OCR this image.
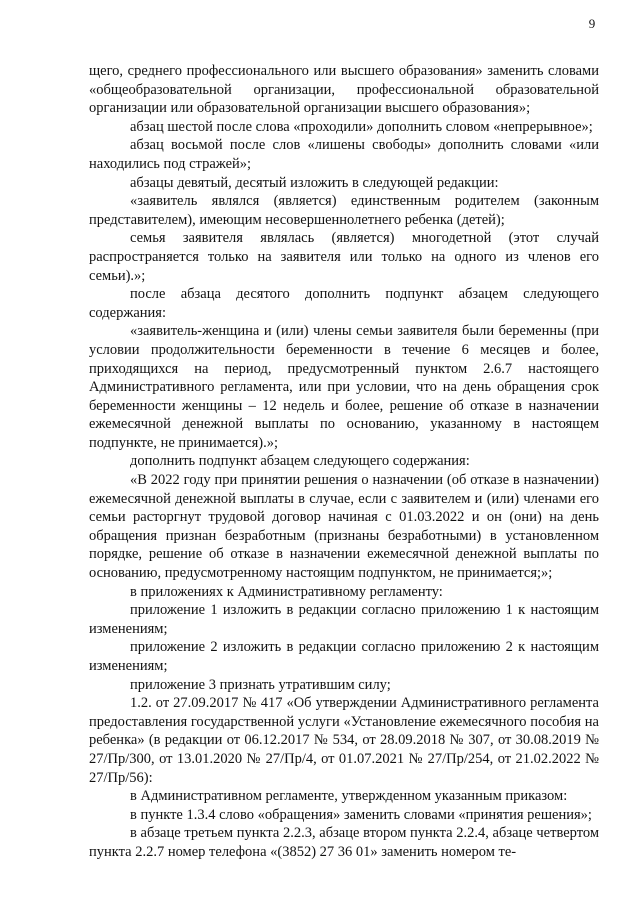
9

щего, среднего профессионального или высшего образования» заменить словами «общеобразовательной организации, профессиональной образовательной организации или образовательной организации высшего образования»;

абзац шестой после слова «проходили» дополнить словом «непрерывное»;

абзац восьмой после слов «лишены свободы» дополнить словами «или находились под стражей»;

абзацы девятый, десятый изложить в следующей редакции:

«заявитель являлся (является) единственным родителем (законным представителем), имеющим несовершеннолетнего ребенка (детей);

семья заявителя являлась (является) многодетной (этот случай распространяется только на заявителя или только на одного из членов его семьи).»;

после абзаца десятого дополнить подпункт абзацем следующего содержания:

«заявитель-женщина и (или) члены семьи заявителя были беременны (при условии продолжительности беременности в течение 6 месяцев и более, приходящихся на период, предусмотренный пунктом 2.6.7 настоящего Административного регламента, или при условии, что на день обращения срок беременности женщины – 12 недель и более, решение об отказе в назначении ежемесячной денежной выплаты по основанию, указанному в настоящем подпункте, не принимается).»;

дополнить подпункт абзацем следующего содержания:

«В 2022 году при принятии решения о назначении (об отказе в назначении) ежемесячной денежной выплаты в случае, если с заявителем и (или) членами его семьи расторгнут трудовой договор начиная с 01.03.2022 и он (они) на день обращения признан безработным (признаны безработными) в установленном порядке, решение об отказе в назначении ежемесячной денежной выплаты по основанию, предусмотренному настоящим подпунктом, не принимается;»;

в приложениях к Административному регламенту:

приложение 1 изложить в редакции согласно приложению 1 к настоящим изменениям;

приложение 2 изложить в редакции согласно приложению 2 к настоящим изменениям;

приложение 3 признать утратившим силу;

1.2. от 27.09.2017 № 417 «Об утверждении Административного регламента предоставления государственной услуги «Установление ежемесячного пособия на ребенка» (в редакции от 06.12.2017 № 534, от 28.09.2018 № 307, от 30.08.2019 № 27/Пр/300, от 13.01.2020 № 27/Пр/4, от 01.07.2021 № 27/Пр/254, от 21.02.2022 № 27/Пр/56):

в Административном регламенте, утвержденном указанным приказом:

в пункте 1.3.4 слово «обращения» заменить словами «принятия решения»;

в абзаце третьем пункта 2.2.3, абзаце втором пункта 2.2.4, абзаце четвертом пункта 2.2.7 номер телефона «(3852) 27 36 01» заменить номером те-
